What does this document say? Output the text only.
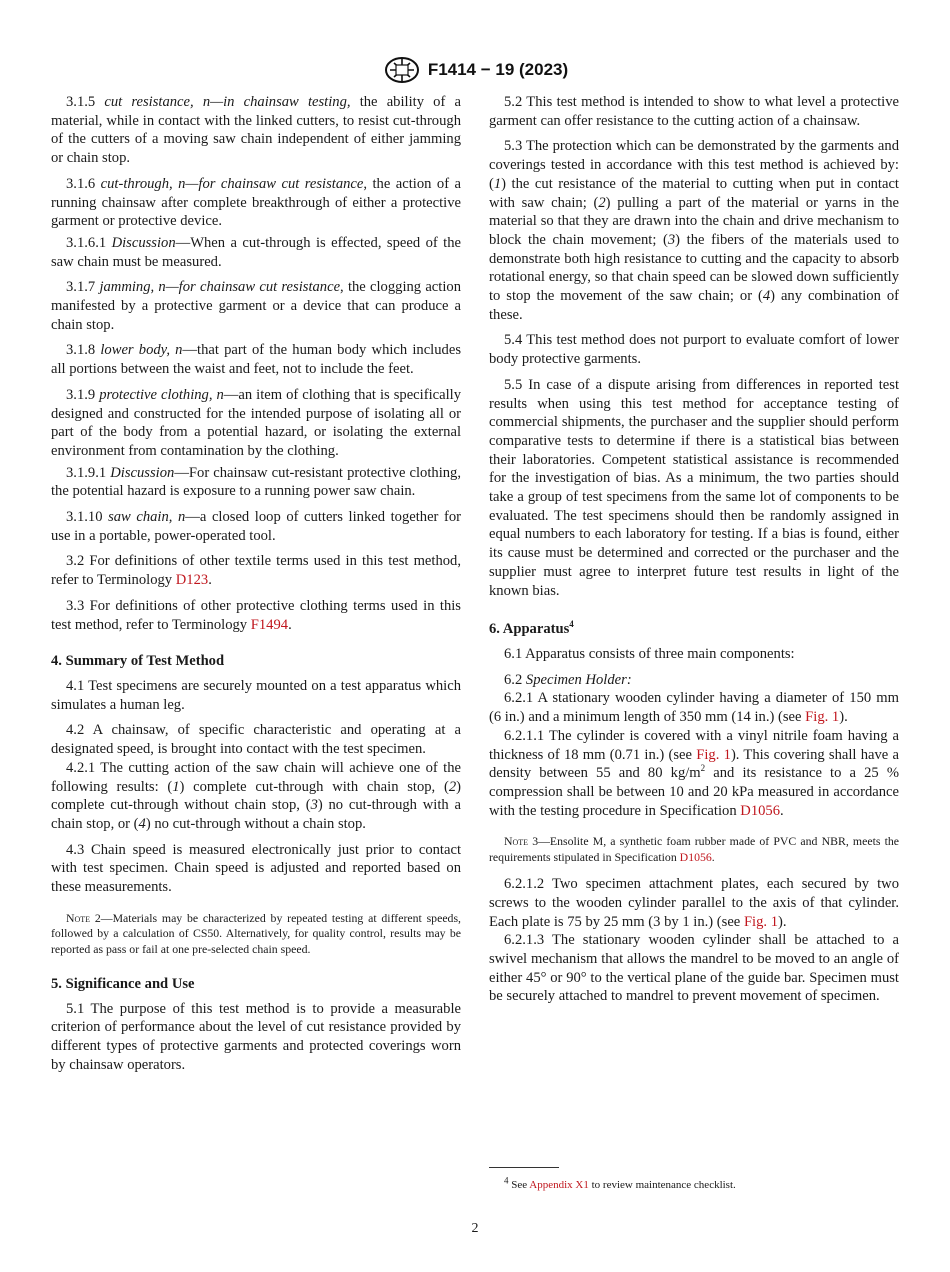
F1414 − 19 (2023)

3.1.5 cut resistance, n—in chainsaw testing, the ability of a material, while in contact with the linked cutters, to resist cut-through of the cutters of a moving saw chain independent of either jamming or chain stop.

3.1.6 cut-through, n—for chainsaw cut resistance, the action of a running chainsaw after complete breakthrough of either a protective garment or protective device.

3.1.6.1 Discussion—When a cut-through is effected, speed of the saw chain must be measured.

3.1.7 jamming, n—for chainsaw cut resistance, the clogging action manifested by a protective garment or a device that can produce a chain stop.

3.1.8 lower body, n—that part of the human body which includes all portions between the waist and feet, not to include the feet.

3.1.9 protective clothing, n—an item of clothing that is specifically designed and constructed for the intended purpose of isolating all or part of the body from a potential hazard, or isolating the external environment from contamination by the clothing.

3.1.9.1 Discussion—For chainsaw cut-resistant protective clothing, the potential hazard is exposure to a running power saw chain.

3.1.10 saw chain, n—a closed loop of cutters linked together for use in a portable, power-operated tool.

3.2 For definitions of other textile terms used in this test method, refer to Terminology D123.

3.3 For definitions of other protective clothing terms used in this test method, refer to Terminology F1494.

4. Summary of Test Method

4.1 Test specimens are securely mounted on a test apparatus which simulates a human leg.

4.2 A chainsaw, of specific characteristic and operating at a designated speed, is brought into contact with the test specimen.

4.2.1 The cutting action of the saw chain will achieve one of the following results: (1) complete cut-through with chain stop, (2) complete cut-through without chain stop, (3) no cut-through with a chain stop, or (4) no cut-through without a chain stop.

4.3 Chain speed is measured electronically just prior to contact with test specimen. Chain speed is adjusted and reported based on these measurements.

Note 2—Materials may be characterized by repeated testing at different speeds, followed by a calculation of CS50. Alternatively, for quality control, results may be reported as pass or fail at one pre-selected chain speed.
5. Significance and Use

5.1 The purpose of this test method is to provide a measurable criterion of performance about the level of cut resistance provided by different types of protective garments and protected coverings worn by chainsaw operators.

5.2 This test method is intended to show to what level a protective garment can offer resistance to the cutting action of a chainsaw.

5.3 The protection which can be demonstrated by the garments and coverings tested in accordance with this test method is achieved by: (1) the cut resistance of the material to cutting when put in contact with saw chain; (2) pulling a part of the material or yarns in the material so that they are drawn into the chain and drive mechanism to block the chain movement; (3) the fibers of the materials used to demonstrate both high resistance to cutting and the capacity to absorb rotational energy, so that chain speed can be slowed down sufficiently to stop the movement of the saw chain; or (4) any combination of these.

5.4 This test method does not purport to evaluate comfort of lower body protective garments.

5.5 In case of a dispute arising from differences in reported test results when using this test method for acceptance testing of commercial shipments, the purchaser and the supplier should perform comparative tests to determine if there is a statistical bias between their laboratories. Competent statistical assistance is recommended for the investigation of bias. As a minimum, the two parties should take a group of test specimens from the same lot of components to be evaluated. The test specimens should then be randomly assigned in equal numbers to each laboratory for testing. If a bias is found, either its cause must be determined and corrected or the purchaser and the supplier must agree to interpret future test results in light of the known bias.

6. Apparatus$^4$

6.1 Apparatus consists of three main components:

6.2 Specimen Holder:

6.2.1 A stationary wooden cylinder having a diameter of 150 mm (6 in.) and a minimum length of 350 mm (14 in.) (see Fig. 1).

6.2.1.1 The cylinder is covered with a vinyl nitrile foam having a thickness of 18 mm (0.71 in.) (see Fig. 1). This covering shall have a density between 55 and 80 $kg/m^2$ and its resistance to a 25 % compression shall be between 10 and 20 kPa measured in accordance with the testing procedure in Specification D1056.

Note 3—Ensolite M, a synthetic foam rubber made of PVC and NBR, meets the requirements stipulated in Specification D1056.

6.2.1.2 Two specimen attachment plates, each secured by two screws to the wooden cylinder parallel to the axis of that cylinder. Each plate is 75 by 25 mm (3 by 1 in.) (see Fig. 1).

6.2.1.3 The stationary wooden cylinder shall be attached to a swivel mechanism that allows the mandrel to be moved to an angle of either 45° or 90° to the vertical plane of the guide bar. Specimen must be securely attached to mandrel to prevent movement of specimen.

$^4$ See Appendix X1 to review maintenance checklist.
2
